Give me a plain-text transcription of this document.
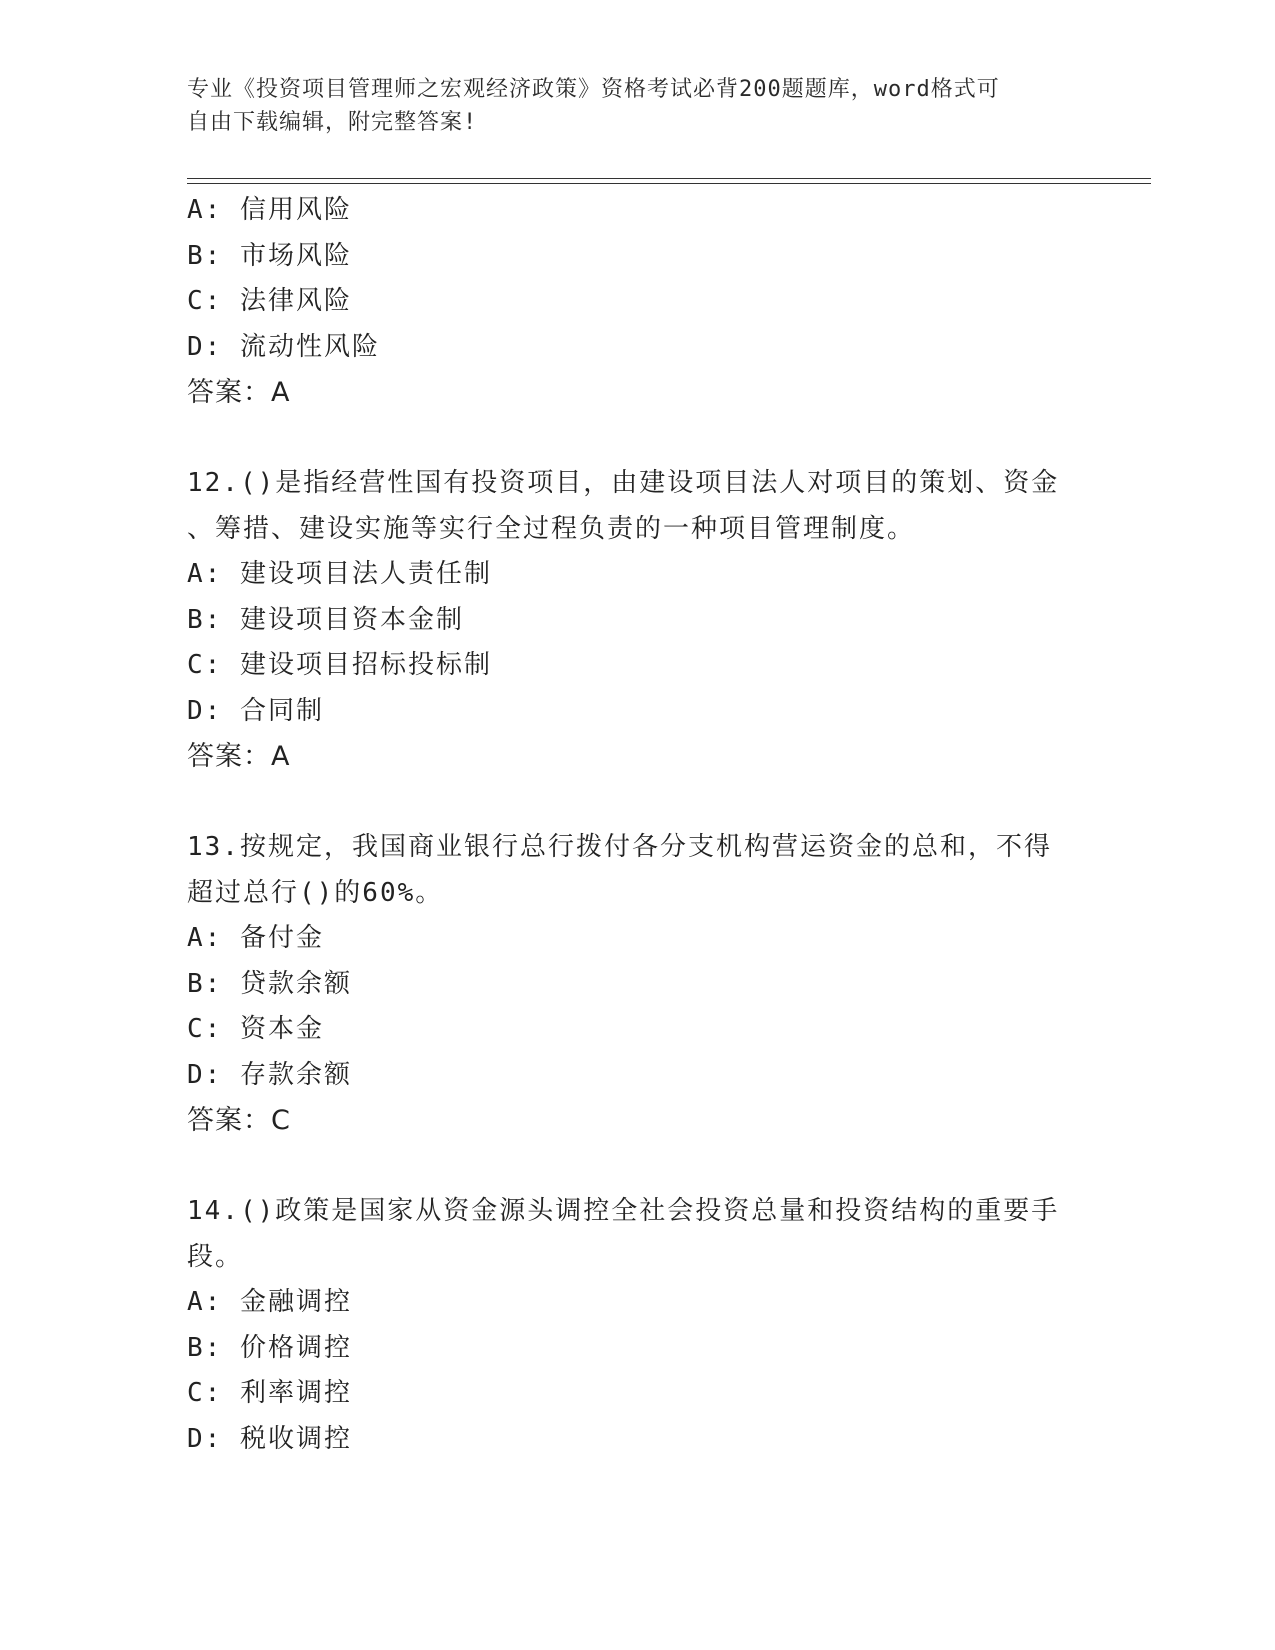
专业《投资项目管理师之宏观经济政策》资格考试必背200题题库，word格式可
自由下载编辑，附完整答案!
A: 信用风险
B: 市场风险
C: 法律风险
D: 流动性风险
答案：A
12.()是指经营性国有投资项目，由建设项目法人对项目的策划、资金
、筹措、建设实施等实行全过程负责的一种项目管理制度。
A: 建设项目法人责任制
B: 建设项目资本金制
C: 建设项目招标投标制
D: 合同制
答案：A
13.按规定，我国商业银行总行拨付各分支机构营运资金的总和，不得
超过总行()的60%。
A: 备付金
B: 贷款余额
C: 资本金
D: 存款余额
答案：C
14.()政策是国家从资金源头调控全社会投资总量和投资结构的重要手
段。
A: 金融调控
B: 价格调控
C: 利率调控
D: 税收调控
